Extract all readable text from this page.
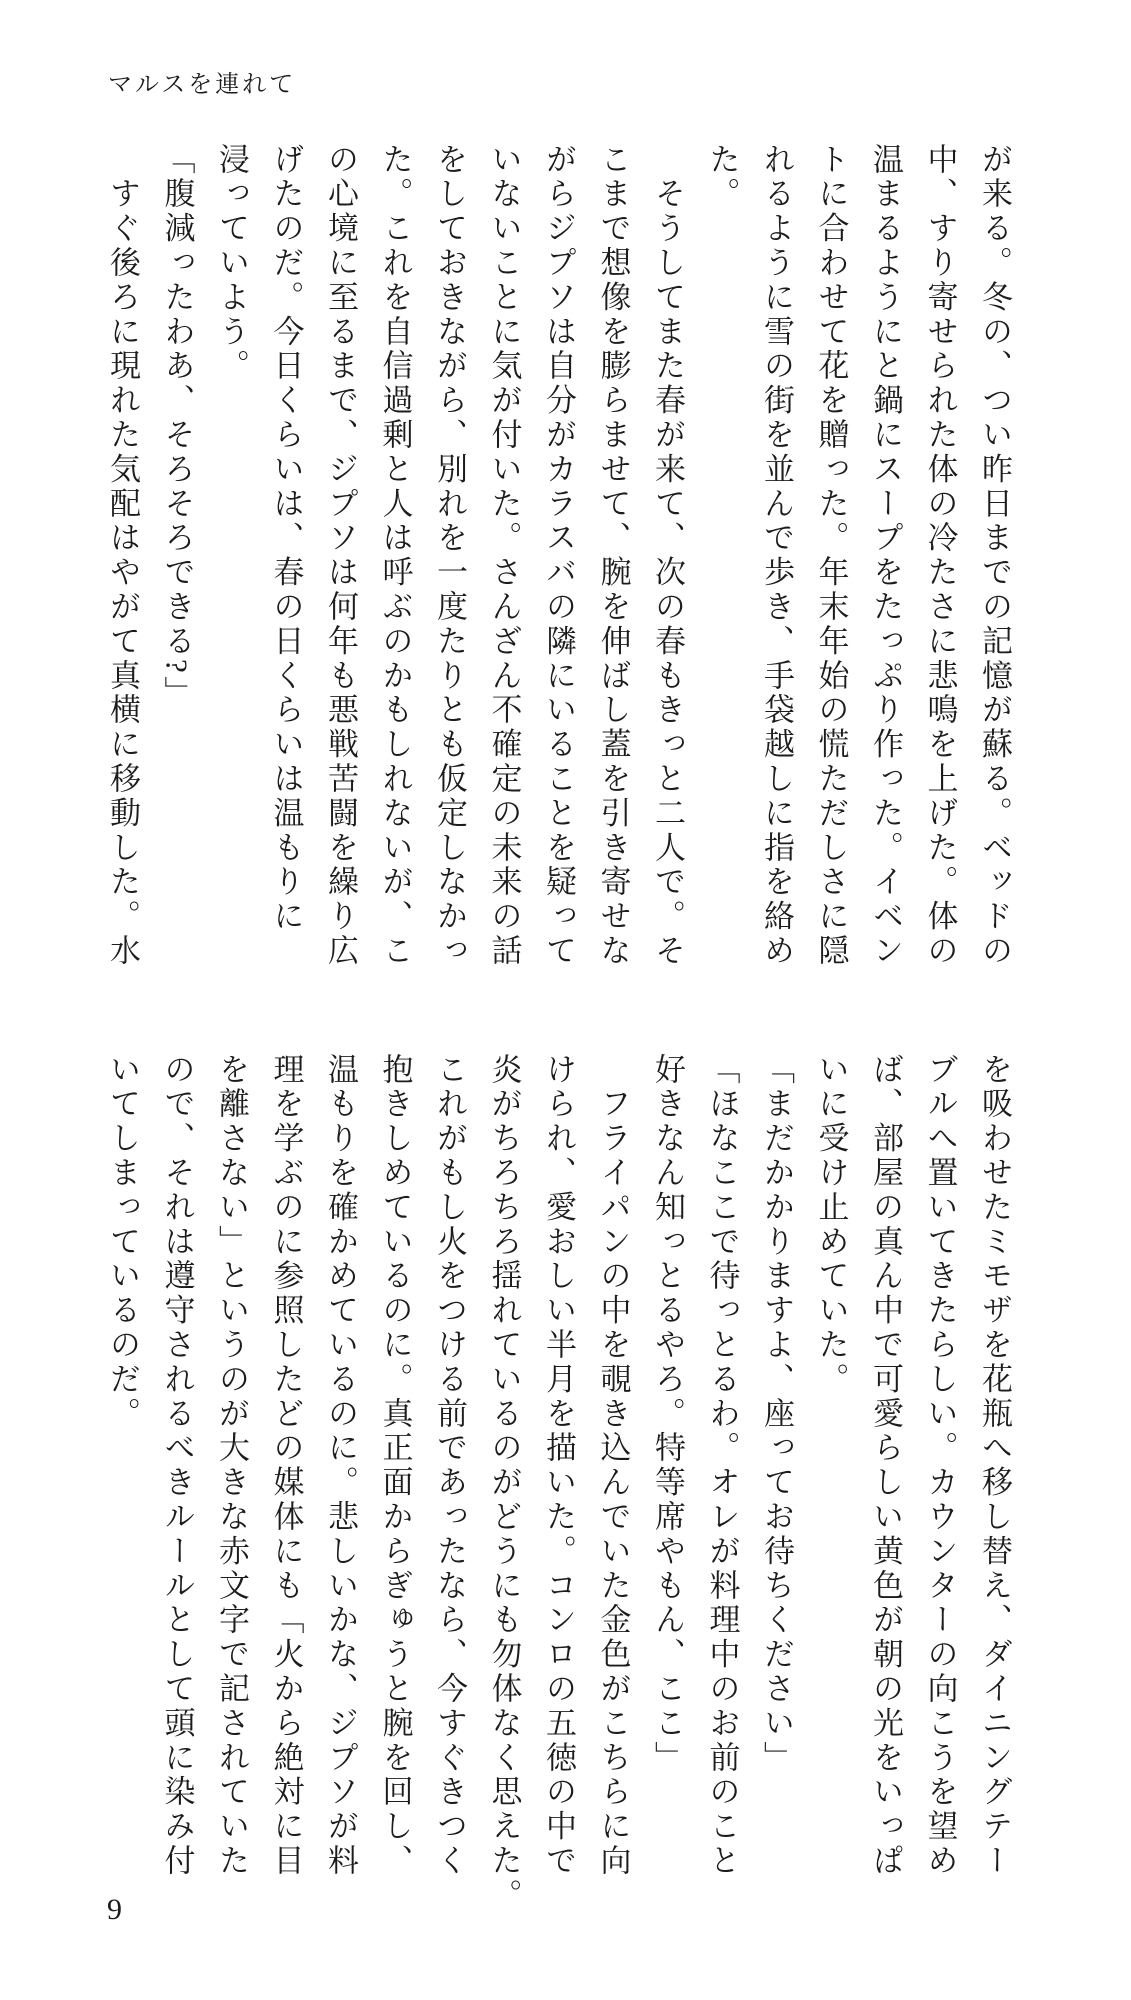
マルスを連れて
が来る。冬の、つい昨日までの記憶が蘇る。ベッドの
中、すり寄せられた体の冷たさに悲鳴を上げた。体の
温まるようにと鍋にスープをたっぷり作った。イベン
トに合わせて花を贈った。年末年始の慌ただしさに隠
れるように雪の街を並んで歩き、手袋越しに指を絡め
た。
　そうしてまた春が来て、次の春もきっと二人で。そ
こまで想像を膨らませて、腕を伸ばし蓋を引き寄せな
がらジプソは自分がカラスバの隣にいることを疑って
いないことに気が付いた。さんざん不確定の未来の話
をしておきながら、別れを一度たりとも仮定しなかっ
た。これを自信過剰と人は呼ぶのかもしれないが、こ
の心境に至るまで、ジプソは何年も悪戦苦闘を繰り広
げたのだ。今日くらいは、春の日くらいは温もりに
浸っていよう。
「腹減ったわあ、そろそろできる?」
　すぐ後ろに現れた気配はやがて真横に移動した。水
を吸わせたミモザを花瓶へ移し替え、ダイニングテー
ブルへ置いてきたらしい。カウンターの向こうを望め
ば、部屋の真ん中で可愛らしい黄色が朝の光をいっぱ
いに受け止めていた。
「まだかかりますよ、座ってお待ちください」
「ほなここで待っとるわ。オレが料理中のお前のこと
好きなん知っとるやろ。特等席やもん、ここ」
　フライパンの中を覗き込んでいた金色がこちらに向
けられ、愛おしい半月を描いた。コンロの五徳の中で
炎がちろちろ揺れているのがどうにも勿体なく思えた。
これがもし火をつける前であったなら、今すぐきつく
抱きしめているのに。真正面からぎゅうと腕を回し、
温もりを確かめているのに。悲しいかな、ジプソが料
理を学ぶのに参照したどの媒体にも「火から絶対に目
を離さない」というのが大きな赤文字で記されていた
ので、それは遵守されるべきルールとして頭に染み付
いてしまっているのだ。
9
